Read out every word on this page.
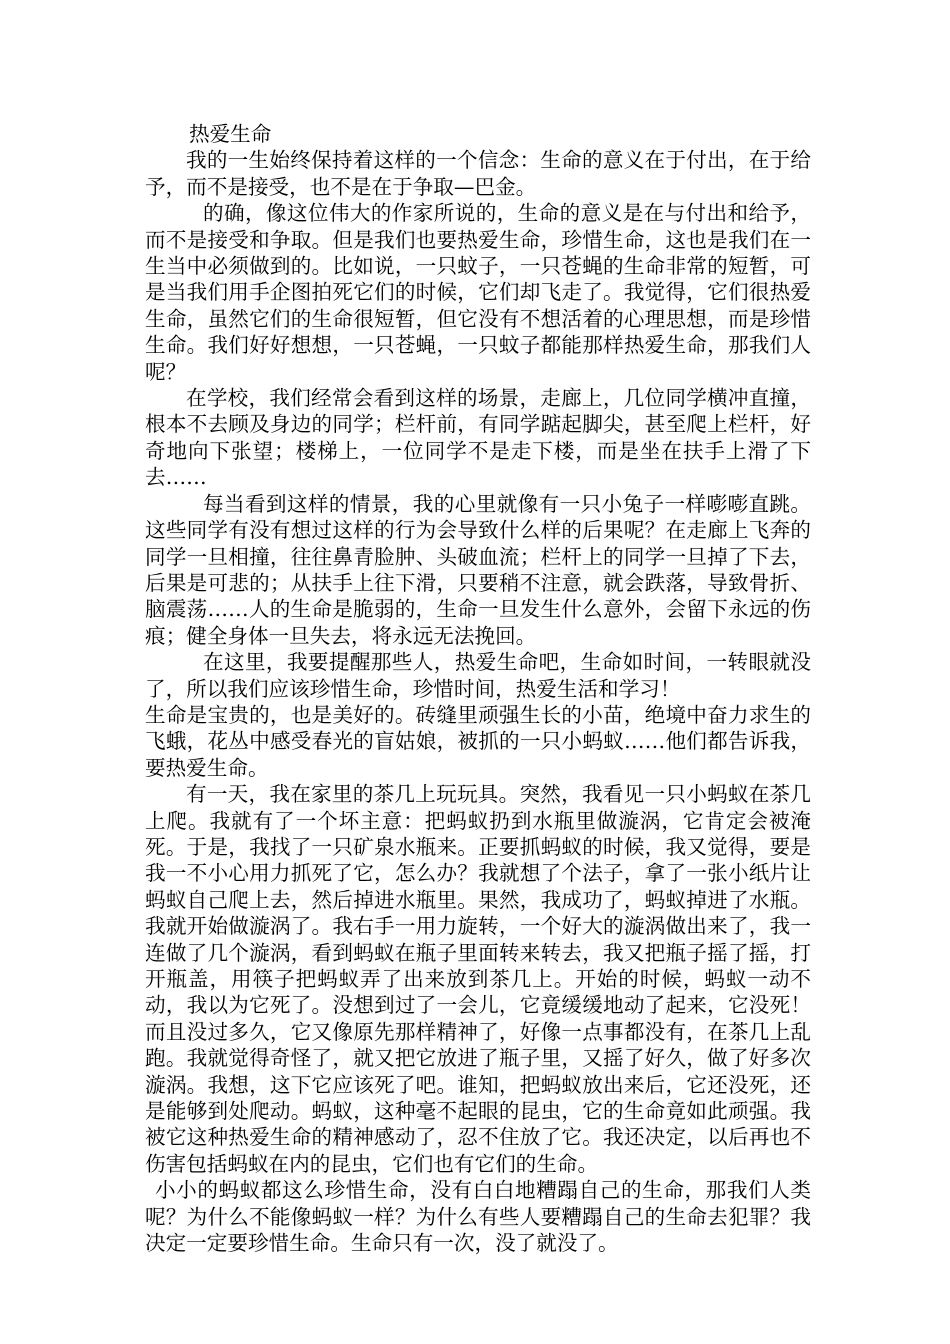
热爱生命

我的一生始终保持着这样的一个信念：生命的意义在于付出，在于给予，而不是接受，也不是在于争取—巴金。

的确，像这位伟大的作家所说的，生命的意义是在与付出和给予，而不是接受和争取。但是我们也要热爱生命，珍惜生命，这也是我们在一生当中必须做到的。比如说，一只蚊子，一只苍蝇的生命非常的短暂，可是当我们用手企图拍死它们的时候，它们却飞走了。我觉得，它们很热爱生命，虽然它们的生命很短暂，但它没有不想活着的心理思想，而是珍惜生命。我们好好想想，一只苍蝇，一只蚊子都能那样热爱生命，那我们人呢？

在学校，我们经常会看到这样的场景，走廊上，几位同学横冲直撞，根本不去顾及身边的同学；栏杆前，有同学踮起脚尖，甚至爬上栏杆，好奇地向下张望；楼梯上，一位同学不是走下楼，而是坐在扶手上滑了下去……

每当看到这样的情景，我的心里就像有一只小兔子一样嘭嘭直跳。这些同学有没有想过这样的行为会导致什么样的后果呢？在走廊上飞奔的同学一旦相撞，往往鼻青脸肿、头破血流；栏杆上的同学一旦掉了下去，后果是可悲的；从扶手上往下滑，只要稍不注意，就会跌落，导致骨折、脑震荡……人的生命是脆弱的，生命一旦发生什么意外，会留下永远的伤痕；健全身体一旦失去，将永远无法挽回。

在这里，我要提醒那些人，热爱生命吧，生命如时间，一转眼就没了，所以我们应该珍惜生命，珍惜时间，热爱生活和学习！

生命是宝贵的，也是美好的。砖缝里顽强生长的小苗，绝境中奋力求生的飞蛾，花丛中感受春光的盲姑娘，被抓的一只小蚂蚁……他们都告诉我，要热爱生命。

有一天，我在家里的茶几上玩玩具。突然，我看见一只小蚂蚁在茶几上爬。我就有了一个坏主意：把蚂蚁扔到水瓶里做漩涡，它肯定会被淹死。于是，我找了一只矿泉水瓶来。正要抓蚂蚁的时候，我又觉得，要是我一不小心用力抓死了它，怎么办？我就想了个法子，拿了一张小纸片让蚂蚁自己爬上去，然后掉进水瓶里。果然，我成功了，蚂蚁掉进了水瓶。我就开始做漩涡了。我右手一用力旋转，一个好大的漩涡做出来了，我一连做了几个漩涡，看到蚂蚁在瓶子里面转来转去，我又把瓶子摇了摇，打开瓶盖，用筷子把蚂蚁弄了出来放到茶几上。开始的时候，蚂蚁一动不动，我以为它死了。没想到过了一会儿，它竟缓缓地动了起来，它没死！而且没过多久，它又像原先那样精神了，好像一点事都没有，在茶几上乱跑。我就觉得奇怪了，就又把它放进了瓶子里，又摇了好久，做了好多次漩涡。我想，这下它应该死了吧。谁知，把蚂蚁放出来后，它还没死，还是能够到处爬动。蚂蚁，这种毫不起眼的昆虫，它的生命竟如此顽强。我被它这种热爱生命的精神感动了，忍不住放了它。我还决定，以后再也不伤害包括蚂蚁在内的昆虫，它们也有它们的生命。

小小的蚂蚁都这么珍惜生命，没有白白地糟蹋自己的生命，那我们人类呢？为什么不能像蚂蚁一样？为什么有些人要糟蹋自己的生命去犯罪？我决定一定要珍惜生命。生命只有一次，没了就没了。
